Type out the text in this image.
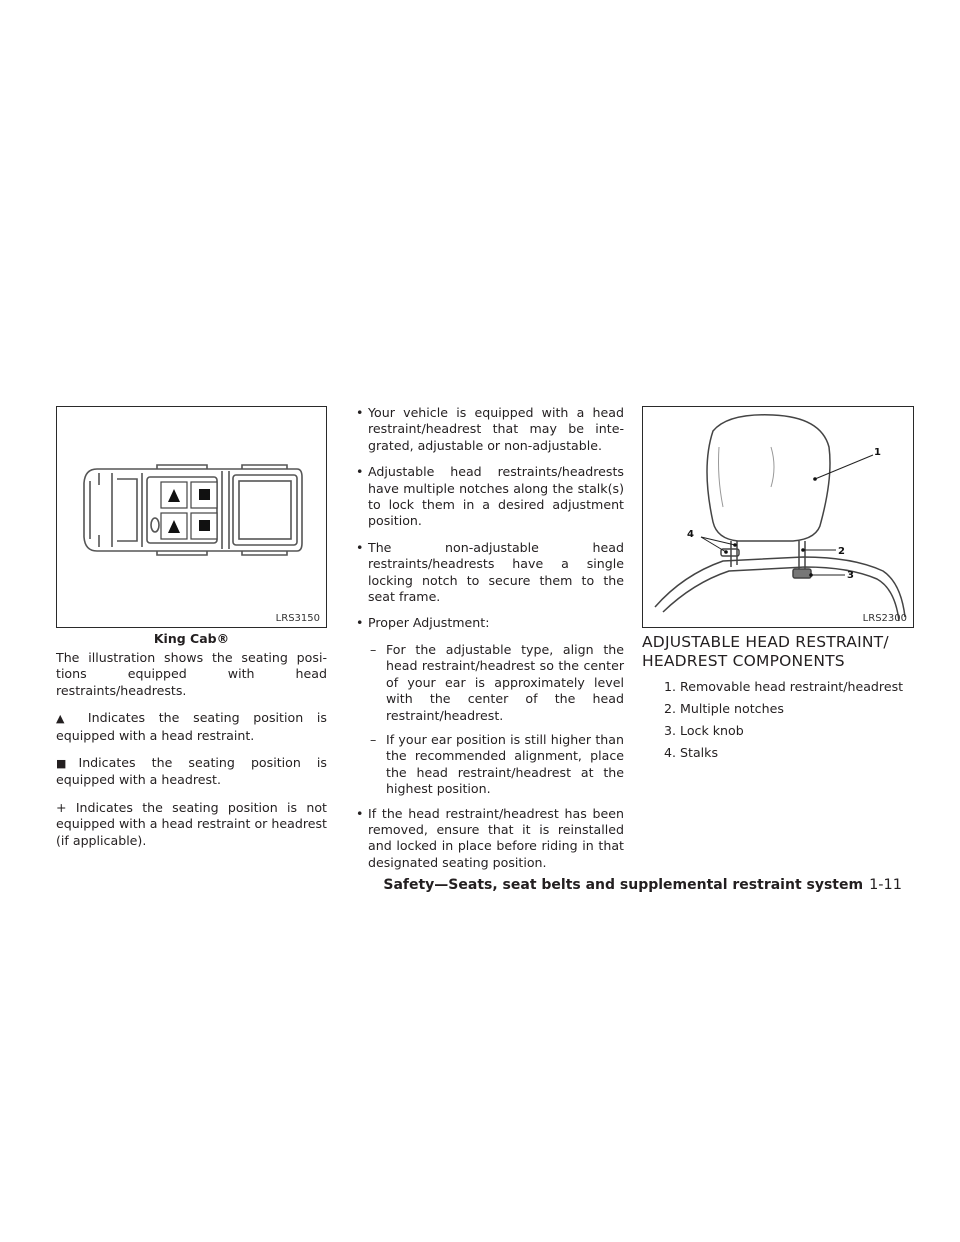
LRS3150
King Cab®

The illustration shows the seating positions equipped with head restraints/headrests.

▲ Indicates the seating position is equipped with a head restraint.

■Indicates the seating position is equipped with a headrest.

+ Indicates the seating position is not equipped with a head restraint or headrest (if applicable).

• Your vehicle is equipped with a head restraint/headrest that may be integrated, adjustable or non-adjustable.
• Adjustable head restraints/headrests have multiple notches along the stalk(s) to lock them in a desired adjustment position.
• The non-adjustable head restraints/headrests have a single locking notch to secure them to the seat frame.
• Proper Adjustment:
– For the adjustable type, align the head restraint/headrest so the center of your ear is approximately level with the center of the head restraint/headrest.
– If your ear position is still higher than the recommended alignment, place the head restraint/headrest at the highest position.
• If the head restraint/headrest has been removed, ensure that it is reinstalled and locked in place before riding in that designated seating position.
1
2
3
4
LRS2300
ADJUSTABLE HEAD RESTRAINT/
HEADREST COMPONENTS
1. Removable head restraint/headrest
2. Multiple notches
3. Lock knob
4. Stalks
Safety—Seats, seat belts and supplemental restraint system 1-11
